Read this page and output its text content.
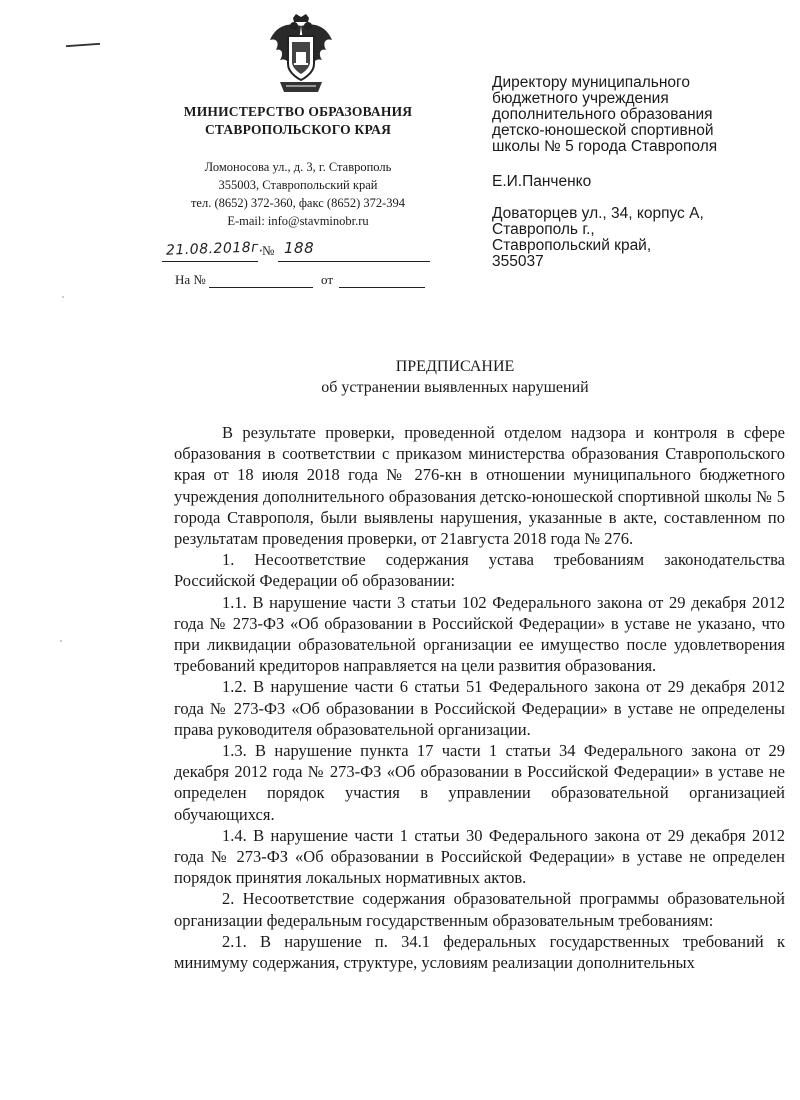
МИНИСТЕРСТВО ОБРАЗОВАНИЯ
СТАВРОПОЛЬСКОГО КРАЯ
Ломоносова ул., д. 3, г. Ставрополь
355003, Ставропольский край
тел. (8652) 372-360, факс (8652) 372-394
E-mail: info@stavminobr.ru
21.08.2018г.
№ 188
На №	от
Директору муниципального
бюджетного учреждения
дополнительного образования
детско-юношеской спортивной
школы № 5 города Ставрополя
Е.И.Панченко
Доваторцев ул., 34, корпус А,
Ставрополь г.,
Ставропольский край,
355037
ПРЕДПИСАНИЕ
об устранении выявленных нарушений

В результате проверки, проведенной отделом надзора и контроля в сфере образования в соответствии с приказом министерства образования Ставропольского края от 18 июля 2018 года № 276-кн в отношении муниципального бюджетного учреждения дополнительного образования детско-юношеской спортивной школы № 5 города Ставрополя, были выявлены нарушения, указанные в акте, составленном по результатам проведения проверки, от 21августа 2018 года № 276.

1. Несоответствие содержания устава требованиям законодательства Российской Федерации об образовании:

1.1. В нарушение части 3 статьи 102 Федерального закона от 29 декабря 2012 года № 273-ФЗ «Об образовании в Российской Федерации» в уставе не указано, что при ликвидации образовательной организации ее имущество после удовлетворения требований кредиторов направляется на цели развития образования.

1.2. В нарушение части 6 статьи 51 Федерального закона от 29 декабря 2012 года № 273-ФЗ «Об образовании в Российской Федерации» в уставе не определены права руководителя образовательной организации.

1.3. В нарушение пункта 17 части 1 статьи 34 Федерального закона от 29 декабря 2012 года № 273-ФЗ «Об образовании в Российской Федерации» в уставе не определен порядок участия в управлении образовательной организацией обучающихся.

1.4. В нарушение части 1 статьи 30 Федерального закона от 29 декабря 2012 года № 273-ФЗ «Об образовании в Российской Федерации» в уставе не определен порядок принятия локальных нормативных актов.

2. Несоответствие содержания образовательной программы образовательной организации федеральным государственным образовательным требованиям:

2.1. В нарушение п. 34.1 федеральных государственных требований к минимуму содержания, структуре, условиям реализации дополнительных
